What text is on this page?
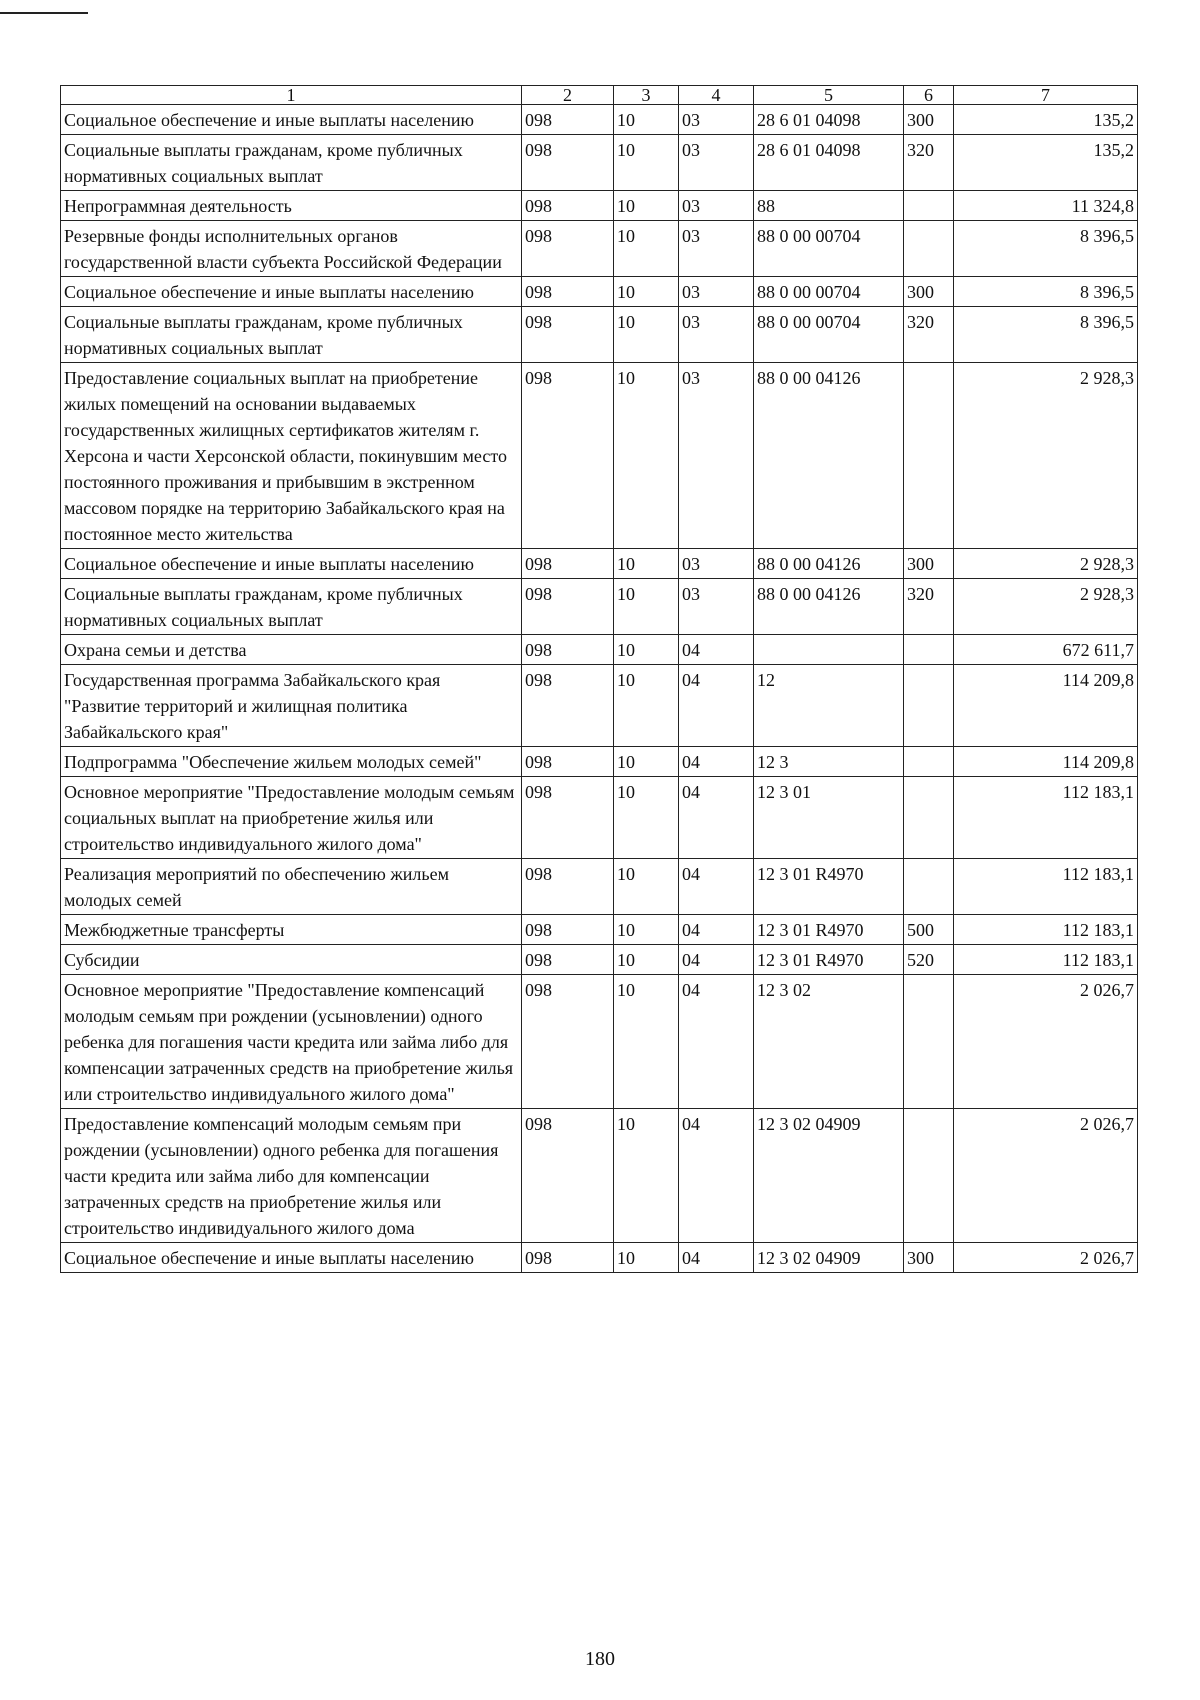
1	2	3	4	5	6	7
Социальное обеспечение и иные выплаты населению	098	10	03	28 6 01 04098	300	135,2
Социальные выплаты гражданам, кроме публичных нормативных социальных выплат	098	10	03	28 6 01 04098	320	135,2
Непрограммная деятельность	098	10	03	88		11 324,8
Резервные фонды исполнительных органов государственной власти субъекта Российской Федерации	098	10	03	88 0 00 00704		8 396,5
Социальное обеспечение и иные выплаты населению	098	10	03	88 0 00 00704	300	8 396,5
Социальные выплаты гражданам, кроме публичных нормативных социальных выплат	098	10	03	88 0 00 00704	320	8 396,5
Предоставление социальных выплат на приобретение жилых помещений на основании выдаваемых государственных жилищных сертификатов жителям г. Херсона и части Херсонской области, покинувшим место постоянного проживания и прибывшим в экстренном массовом порядке на территорию Забайкальского края на постоянное место жительства	098	10	03	88 0 00 04126		2 928,3
Социальное обеспечение и иные выплаты населению	098	10	03	88 0 00 04126	300	2 928,3
Социальные выплаты гражданам, кроме публичных нормативных социальных выплат	098	10	03	88 0 00 04126	320	2 928,3
Охрана семьи и детства	098	10	04			672 611,7
Государственная программа Забайкальского края "Развитие территорий и жилищная политика Забайкальского края"	098	10	04	12		114 209,8
Подпрограмма "Обеспечение жильем молодых семей"	098	10	04	12 3		114 209,8
Основное мероприятие "Предоставление молодым семьям социальных выплат на приобретение жилья или строительство индивидуального жилого дома"	098	10	04	12 3 01		112 183,1
Реализация мероприятий по обеспечению жильем молодых семей	098	10	04	12 3 01 R4970		112 183,1
Межбюджетные трансферты	098	10	04	12 3 01 R4970	500	112 183,1
Субсидии	098	10	04	12 3 01 R4970	520	112 183,1
Основное мероприятие "Предоставление компенсаций молодым семьям при рождении (усыновлении) одного ребенка для погашения части кредита или займа либо для компенсации затраченных средств на приобретение жилья или строительство индивидуального жилого дома"	098	10	04	12 3 02		2 026,7
Предоставление компенсаций молодым семьям при рождении (усыновлении) одного ребенка для погашения части кредита или займа либо для компенсации затраченных средств на приобретение жилья или строительство индивидуального жилого дома	098	10	04	12 3 02 04909		2 026,7
Социальное обеспечение и иные выплаты населению	098	10	04	12 3 02 04909	300	2 026,7
180
